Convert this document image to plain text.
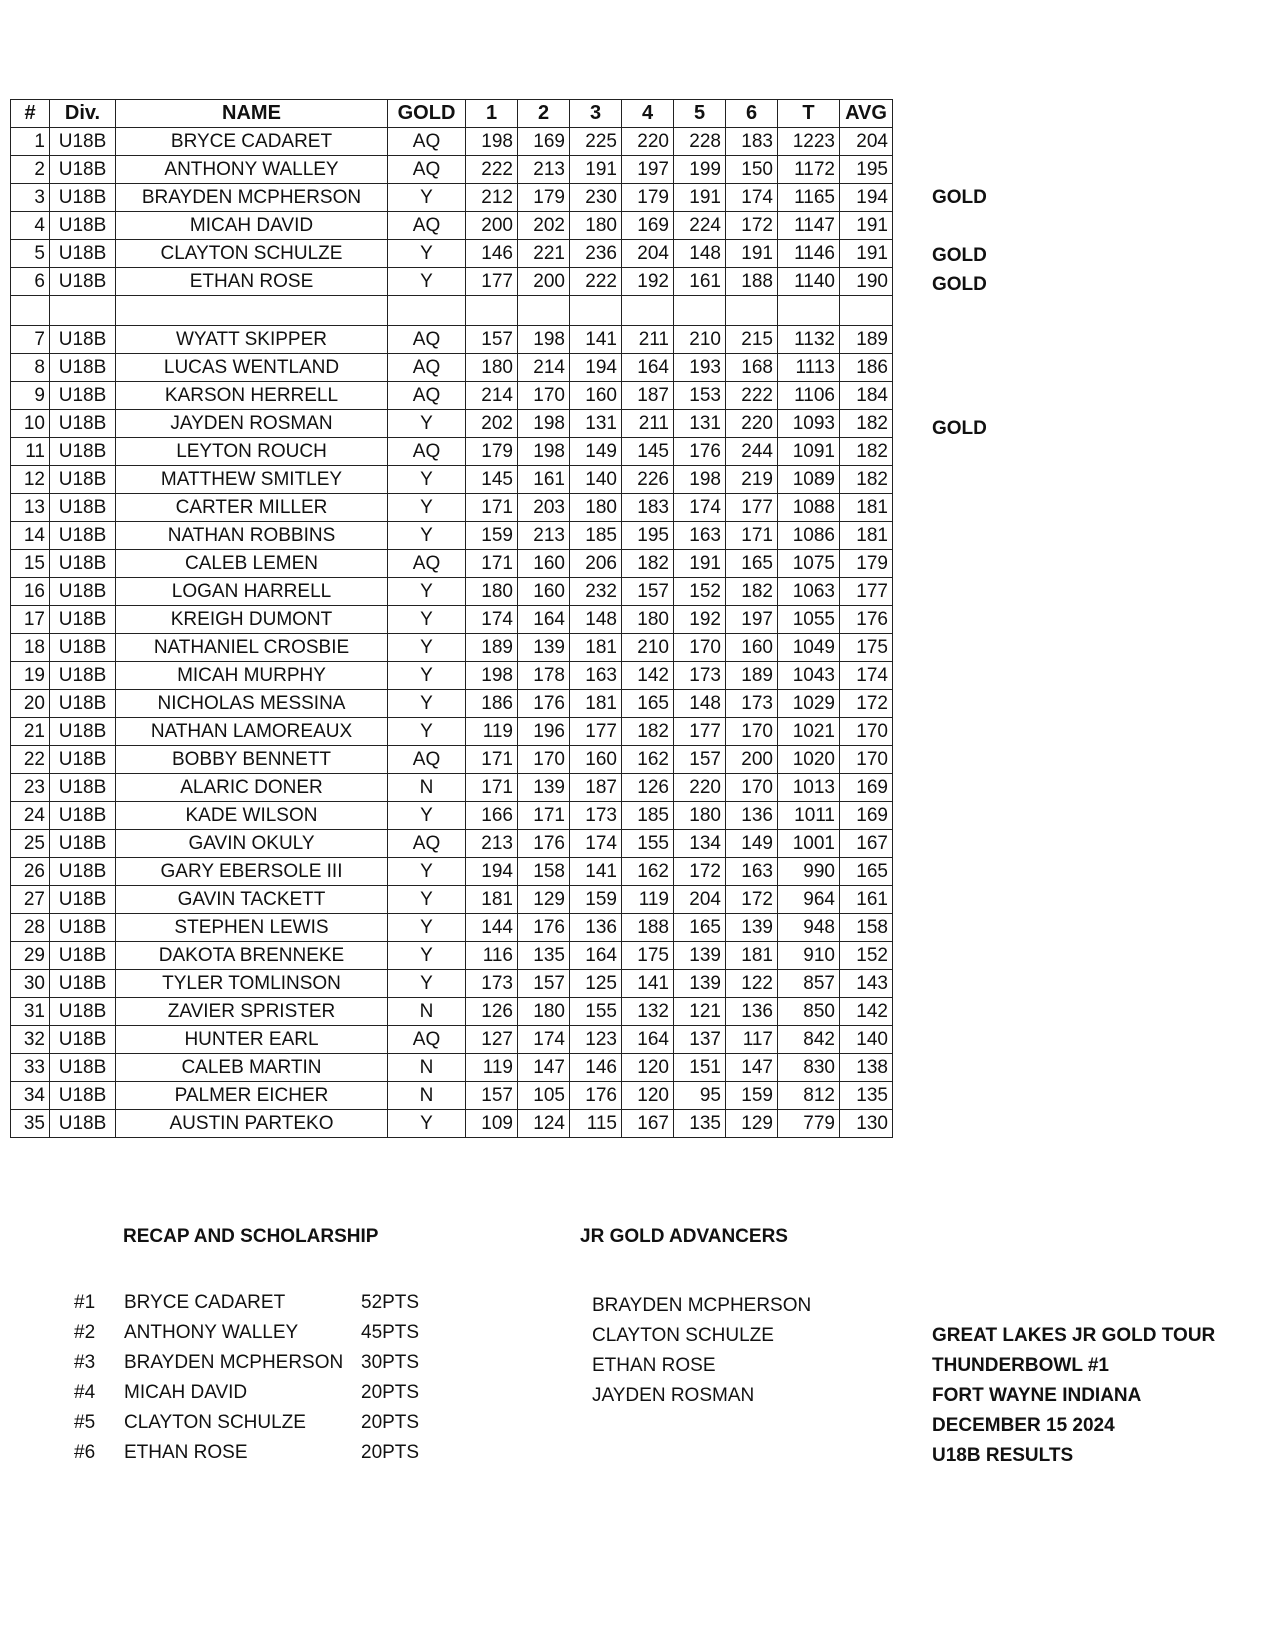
#	Div.	NAME	GOLD	1	2	3	4	5	6	T	AVG
1	U18B	BRYCE CADARET	AQ	198	169	225	220	228	183	1223	204
2	U18B	ANTHONY WALLEY	AQ	222	213	191	197	199	150	1172	195
3	U18B	BRAYDEN MCPHERSON	Y	212	179	230	179	191	174	1165	194
4	U18B	MICAH DAVID	AQ	200	202	180	169	224	172	1147	191
5	U18B	CLAYTON SCHULZE	Y	146	221	236	204	148	191	1146	191
6	U18B	ETHAN ROSE	Y	177	200	222	192	161	188	1140	190

7	U18B	WYATT SKIPPER	AQ	157	198	141	211	210	215	1132	189
8	U18B	LUCAS WENTLAND	AQ	180	214	194	164	193	168	1113	186
9	U18B	KARSON HERRELL	AQ	214	170	160	187	153	222	1106	184
10	U18B	JAYDEN ROSMAN	Y	202	198	131	211	131	220	1093	182
11	U18B	LEYTON ROUCH	AQ	179	198	149	145	176	244	1091	182
12	U18B	MATTHEW SMITLEY	Y	145	161	140	226	198	219	1089	182
13	U18B	CARTER MILLER	Y	171	203	180	183	174	177	1088	181
14	U18B	NATHAN ROBBINS	Y	159	213	185	195	163	171	1086	181
15	U18B	CALEB LEMEN	AQ	171	160	206	182	191	165	1075	179
16	U18B	LOGAN HARRELL	Y	180	160	232	157	152	182	1063	177
17	U18B	KREIGH DUMONT	Y	174	164	148	180	192	197	1055	176
18	U18B	NATHANIEL CROSBIE	Y	189	139	181	210	170	160	1049	175
19	U18B	MICAH MURPHY	Y	198	178	163	142	173	189	1043	174
20	U18B	NICHOLAS MESSINA	Y	186	176	181	165	148	173	1029	172
21	U18B	NATHAN LAMOREAUX	Y	119	196	177	182	177	170	1021	170
22	U18B	BOBBY BENNETT	AQ	171	170	160	162	157	200	1020	170
23	U18B	ALARIC DONER	N	171	139	187	126	220	170	1013	169
24	U18B	KADE WILSON	Y	166	171	173	185	180	136	1011	169
25	U18B	GAVIN OKULY	AQ	213	176	174	155	134	149	1001	167
26	U18B	GARY EBERSOLE III	Y	194	158	141	162	172	163	990	165
27	U18B	GAVIN TACKETT	Y	181	129	159	119	204	172	964	161
28	U18B	STEPHEN LEWIS	Y	144	176	136	188	165	139	948	158
29	U18B	DAKOTA BRENNEKE	Y	116	135	164	175	139	181	910	152
30	U18B	TYLER TOMLINSON	Y	173	157	125	141	139	122	857	143
31	U18B	ZAVIER SPRISTER	N	126	180	155	132	121	136	850	142
32	U18B	HUNTER EARL	AQ	127	174	123	164	137	117	842	140
33	U18B	CALEB MARTIN	N	119	147	146	120	151	147	830	138
34	U18B	PALMER EICHER	N	157	105	176	120	95	159	812	135
35	U18B	AUSTIN PARTEKO	Y	109	124	115	167	135	129	779	130
GOLD
GOLD
GOLD
GOLD
RECAP AND SCHOLARSHIP
#1 BRYCE CADARET	52PTS
#2 ANTHONY WALLEY	45PTS
#3 BRAYDEN MCPHERSON 30PTS
#4 MICAH DAVID	20PTS
#5 CLAYTON SCHULZE	20PTS
#6 ETHAN ROSE	20PTS
JR GOLD ADVANCERS
BRAYDEN MCPHERSON
CLAYTON SCHULZE
ETHAN ROSE
JAYDEN ROSMAN
GREAT LAKES JR GOLD TOUR
THUNDERBOWL #1
FORT WAYNE INDIANA
DECEMBER 15 2024
U18B RESULTS
